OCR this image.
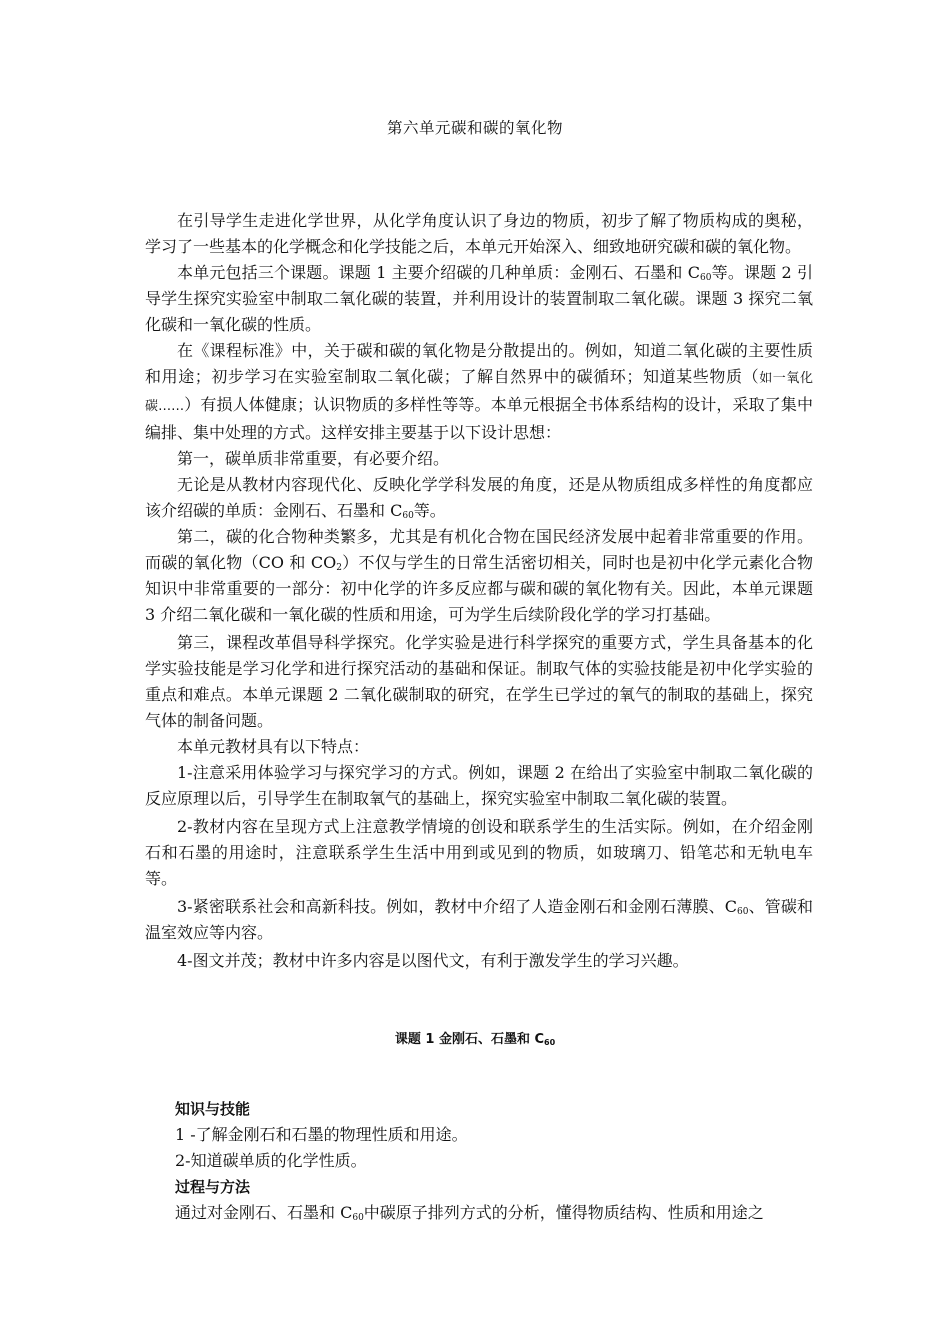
第六单元碳和碳的氧化物

在引导学生走进化学世界，从化学角度认识了身边的物质，初步了解了物质构成的奥秘，学习了一些基本的化学概念和化学技能之后，本单元开始深入、细致地研究碳和碳的氧化物。

本单元包括三个课题。课题 1 主要介绍碳的几种单质：金刚石、石墨和 $C_{60}$等。课题 2 引导学生探究实验室中制取二氧化碳的装置，并利用设计的装置制取二氧化碳。课题 3 探究二氧化碳和一氧化碳的性质。

在《课程标准》中，关于碳和碳的氧化物是分散提出的。例如，知道二氧化碳的主要性质和用途；初步学习在实验室制取二氧化碳；了解自然界中的碳循环；知道某些物质（如一氧化碳……）有损人体健康；认识物质的多样性等等。本单元根据全书体系结构的设计，采取了集中编排、集中处理的方式。这样安排主要基于以下设计思想：

第一，碳单质非常重要，有必要介绍。

无论是从教材内容现代化、反映化学学科发展的角度，还是从物质组成多样性的角度都应该介绍碳的单质：金刚石、石墨和 $C_{60}$等。

第二，碳的化合物种类繁多，尤其是有机化合物在国民经济发展中起着非常重要的作用。而碳的氧化物（CO 和 $CO_2$）不仅与学生的日常生活密切相关，同时也是初中化学元素化合物知识中非常重要的一部分：初中化学的许多反应都与碳和碳的氧化物有关。因此，本单元课题 3 介绍二氧化碳和一氧化碳的性质和用途，可为学生后续阶段化学的学习打基础。

第三，课程改革倡导科学探究。化学实验是进行科学探究的重要方式，学生具备基本的化学实验技能是学习化学和进行探究活动的基础和保证。制取气体的实验技能是初中化学实验的重点和难点。本单元课题 2 二氧化碳制取的研究，在学生已学过的氧气的制取的基础上，探究气体的制备问题。

本单元教材具有以下特点：

1-注意采用体验学习与探究学习的方式。例如，课题 2 在给出了实验室中制取二氧化碳的反应原理以后，引导学生在制取氧气的基础上，探究实验室中制取二氧化碳的装置。

2-教材内容在呈现方式上注意教学情境的创设和联系学生的生活实际。例如，在介绍金刚石和石墨的用途时，注意联系学生生活中用到或见到的物质，如玻璃刀、铅笔芯和无轨电车等。

3-紧密联系社会和高新科技。例如，教材中介绍了人造金刚石和金刚石薄膜、$C_{60}$、管碳和温室效应等内容。

4-图文并茂；教材中许多内容是以图代文，有利于激发学生的学习兴趣。

课题 1 金刚石、石墨和 $C_{60}$
知识与技能
1 -了解金刚石和石墨的物理性质和用途。
2-知道碳单质的化学性质。
过程与方法
通过对金刚石、石墨和 $C_{60}$中碳原子排列方式的分析，懂得物质结构、性质和用途之
